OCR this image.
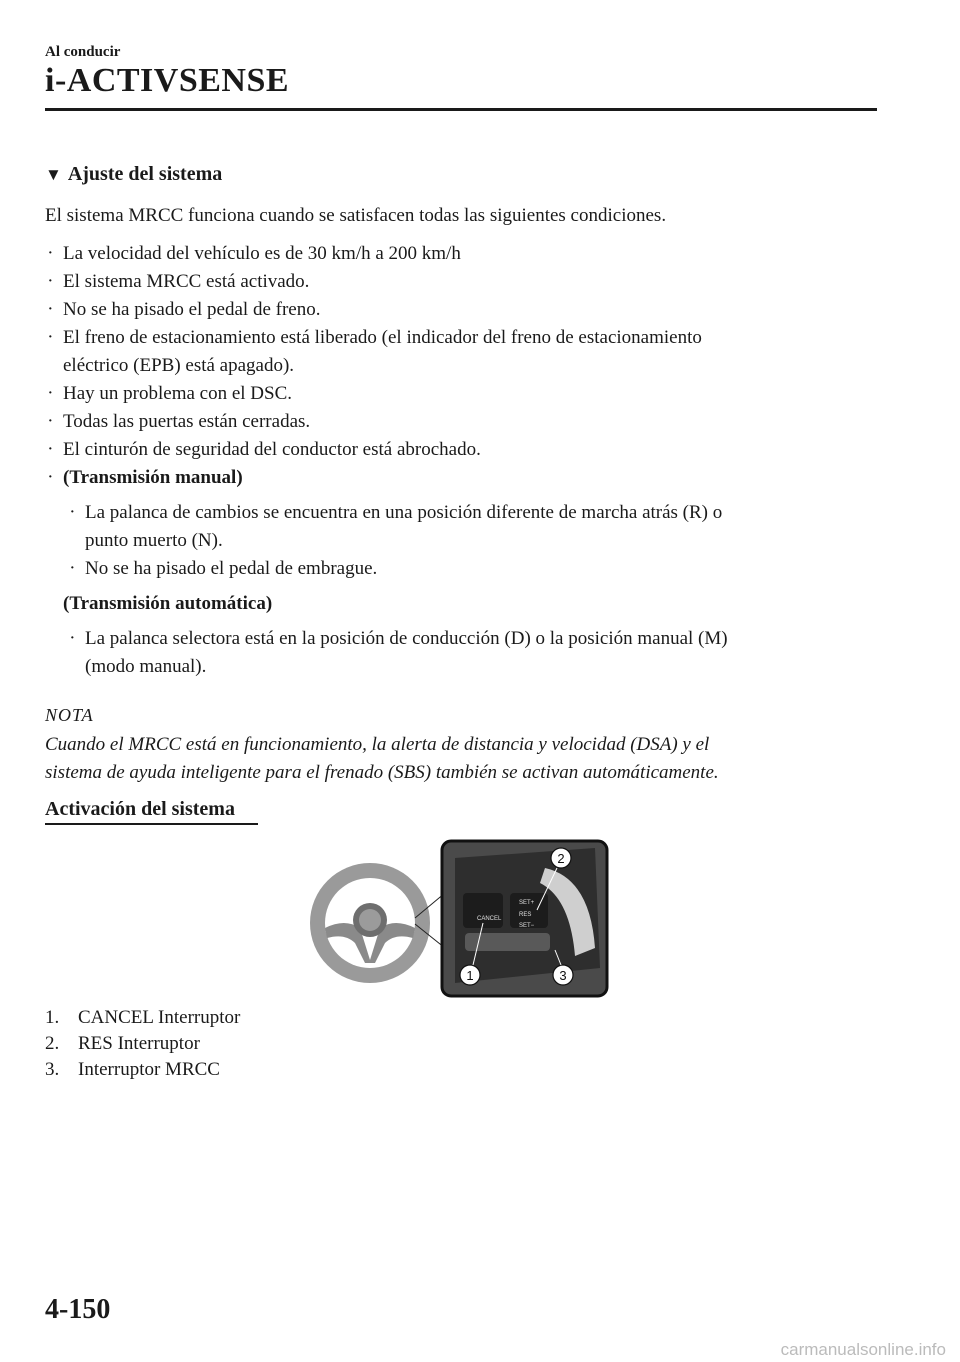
Al conducir
i-ACTIVSENSE
▼ Ajuste del sistema
El sistema MRCC funciona cuando se satisfacen todas las siguientes condiciones.
· La velocidad del vehículo es de 30 km/h a 200 km/h
· El sistema MRCC está activado.
· No se ha pisado el pedal de freno.
· El freno de estacionamiento está liberado (el indicador del freno de estacionamiento
eléctrico (EPB) está apagado).
· Hay un problema con el DSC.
· Todas las puertas están cerradas.
· El cinturón de seguridad del conductor está abrochado.
· (Transmisión manual)
· La palanca de cambios se encuentra en una posición diferente de marcha atrás (R) o
punto muerto (N).
· No se ha pisado el pedal de embrague.
(Transmisión automática)
· La palanca selectora está en la posición de conducción (D) o la posición manual (M)
(modo manual).
NOTA
Cuando el MRCC está en funcionamiento, la alerta de distancia y velocidad (DSA) y el
sistema de ayuda inteligente para el frenado (SBS) también se activan automáticamente.
Activación del sistema
CANCEL
SET+
RES
SET−
2
1	3
1. CANCEL Interruptor
2. RES Interruptor
3. Interruptor MRCC
4-150
carmanualsonline.info
